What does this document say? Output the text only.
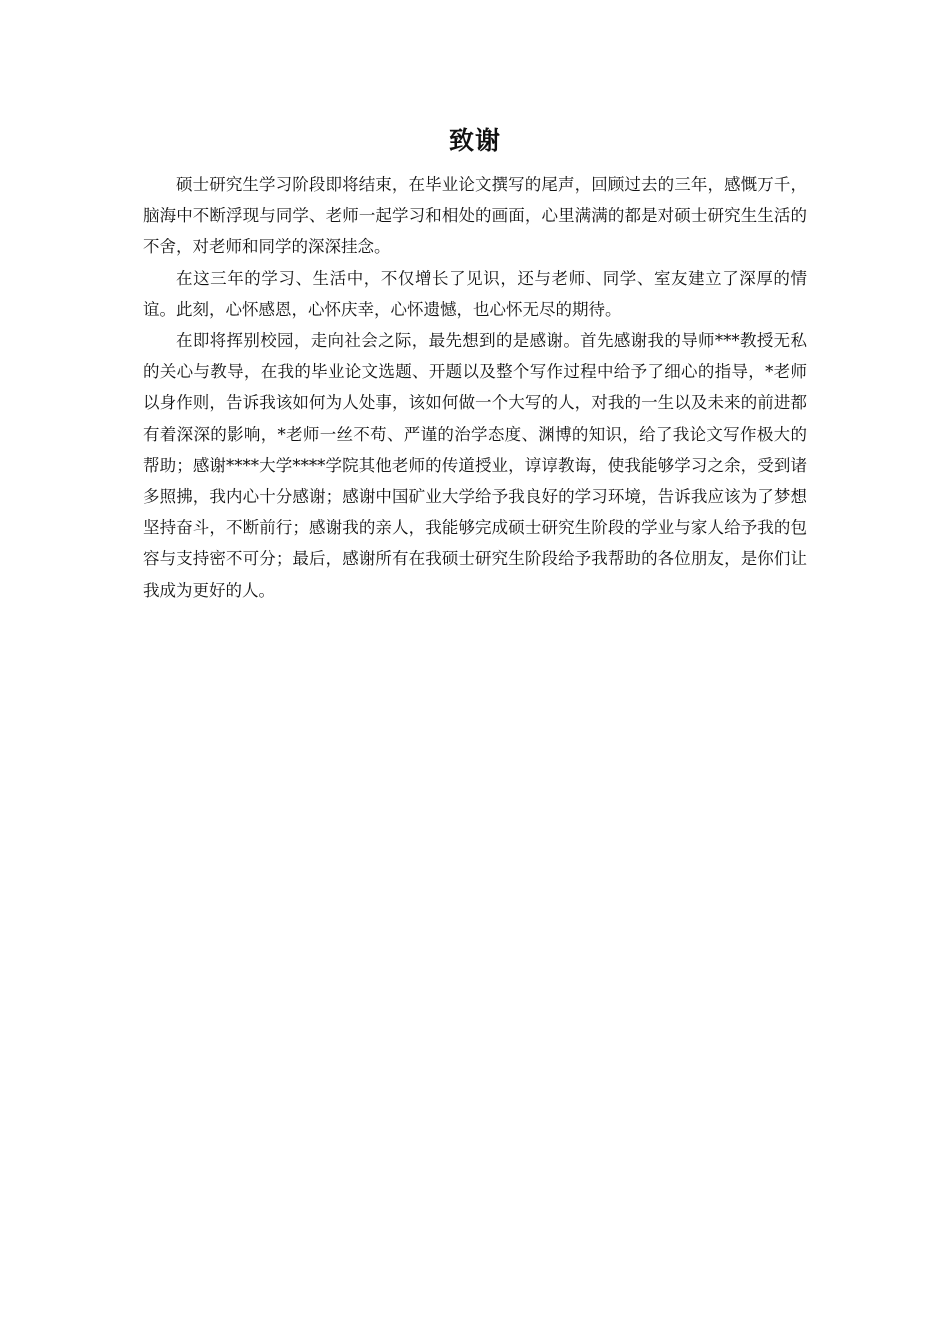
致谢

硕士研究生学习阶段即将结束，在毕业论文撰写的尾声，回顾过去的三年，感慨万千，脑海中不断浮现与同学、老师一起学习和相处的画面，心里满满的都是对硕士研究生生活的不舍，对老师和同学的深深挂念。

在这三年的学习、生活中，不仅增长了见识，还与老师、同学、室友建立了深厚的情谊。此刻，心怀感恩，心怀庆幸，心怀遗憾，也心怀无尽的期待。

在即将挥别校园，走向社会之际，最先想到的是感谢。首先感谢我的导师***教授无私的关心与教导，在我的毕业论文选题、开题以及整个写作过程中给予了细心的指导，*老师以身作则，告诉我该如何为人处事，该如何做一个大写的人，对我的一生以及未来的前进都有着深深的影响，*老师一丝不苟、严谨的治学态度、渊博的知识，给了我论文写作极大的帮助；感谢****大学****学院其他老师的传道授业，谆谆教诲，使我能够学习之余，受到诸多照拂，我内心十分感谢；感谢中国矿业大学给予我良好的学习环境，告诉我应该为了梦想坚持奋斗，不断前行；感谢我的亲人，我能够完成硕士研究生阶段的学业与家人给予我的包容与支持密不可分；最后，感谢所有在我硕士研究生阶段给予我帮助的各位朋友，是你们让我成为更好的人。
